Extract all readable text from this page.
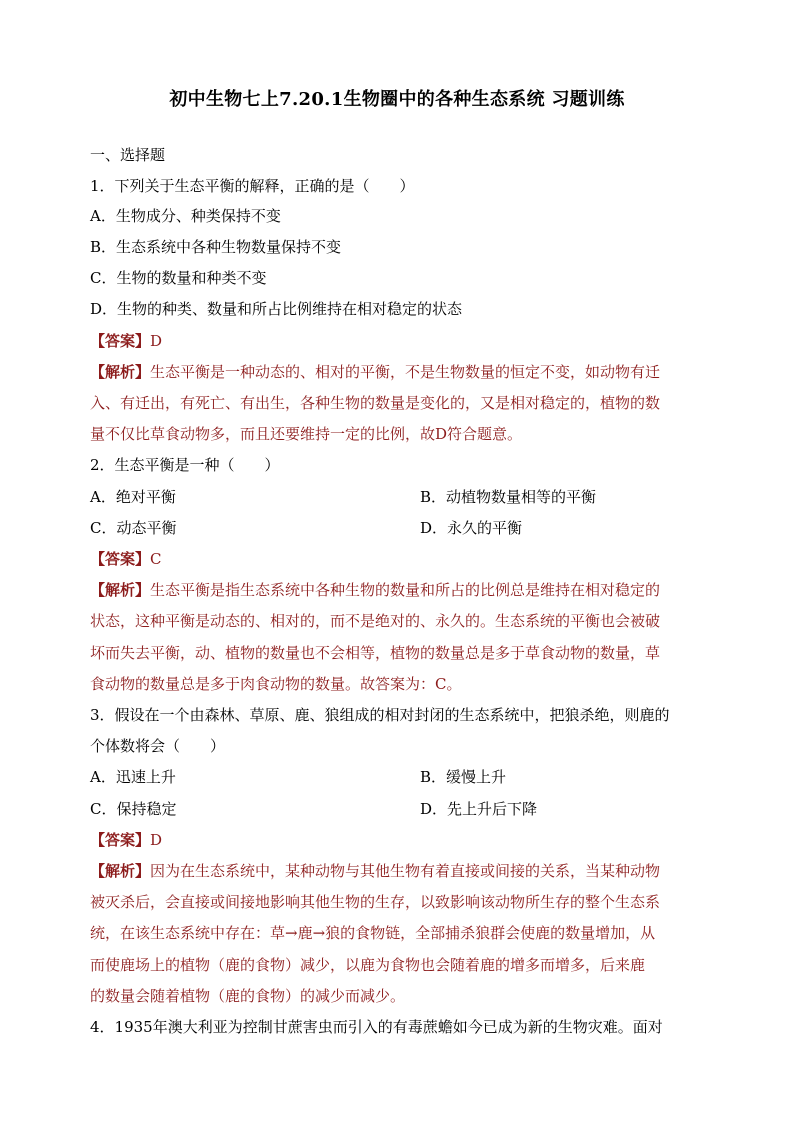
初中生物七上7.20.1生物圈中的各种生态系统 习题训练
一、选择题
1．下列关于生态平衡的解释，正确的是（　　）
A．生物成分、种类保持不变
B．生态系统中各种生物数量保持不变
C．生物的数量和种类不变
D．生物的种类、数量和所占比例维持在相对稳定的状态
【答案】D
【解析】生态平衡是一种动态的、相对的平衡，不是生物数量的恒定不变，如动物有迁
入、有迁出，有死亡、有出生，各种生物的数量是变化的，又是相对稳定的，植物的数
量不仅比草食动物多，而且还要维持一定的比例，故D符合题意。
2．生态平衡是一种（　　）
A．绝对平衡	B．动植物数量相等的平衡
C．动态平衡	D．永久的平衡
【答案】C
【解析】生态平衡是指生态系统中各种生物的数量和所占的比例总是维持在相对稳定的
状态，这种平衡是动态的、相对的，而不是绝对的、永久的。生态系统的平衡也会被破
坏而失去平衡，动、植物的数量也不会相等，植物的数量总是多于草食动物的数量，草
食动物的数量总是多于肉食动物的数量。故答案为：C。
3．假设在一个由森林、草原、鹿、狼组成的相对封闭的生态系统中，把狼杀绝，则鹿的
个体数将会（　　）
A．迅速上升	B．缓慢上升
C．保持稳定	D．先上升后下降
【答案】D
【解析】因为在生态系统中，某种动物与其他生物有着直接或间接的关系，当某种动物
被灭杀后，会直接或间接地影响其他生物的生存，以致影响该动物所生存的整个生态系
统，在该生态系统中存在：草→鹿→狼的食物链，全部捕杀狼群会使鹿的数量增加，从
而使鹿场上的植物（鹿的食物）减少，以鹿为食物也会随着鹿的增多而增多，后来鹿
的数量会随着植物（鹿的食物）的减少而减少。
4．1935年澳大利亚为控制甘蔗害虫而引入的有毒蔗蟾如今已成为新的生物灾难。面对
